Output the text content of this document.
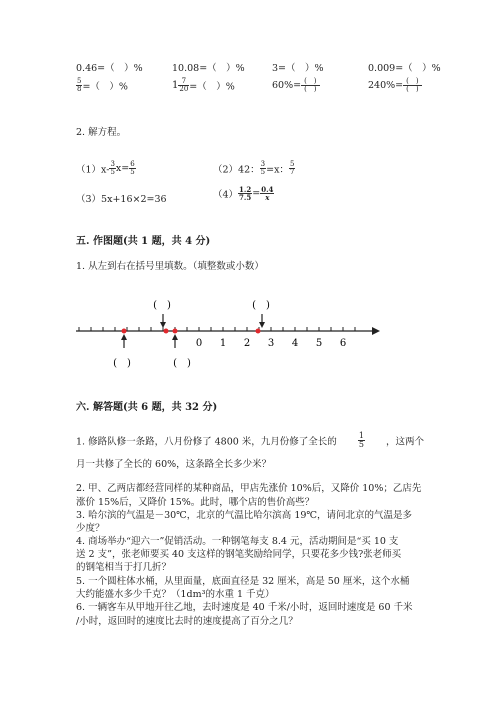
0.46=（　）%	10.08=（　）%	3=（　）%	0.009=（　）%
$\frac{5}{8}$ =（　）%	$1 \frac{7}{20}$ =（　）%	$60\%= \frac{( )}{( )}$	$240\%= \frac{( )}{( )}$
2. 解方程。
$(1)x- \frac{3}{5} x= \frac{6}{5}$	（2）42： $\frac{3}{5} =x$： $\frac{5}{7}$
（3）5x+16×2=36	$(4) \frac{1.2}{7.5} = \frac{0.4}{x}$
五. 作图题(共 1 题，共 4 分)
1. 从左到右在括号里填数。（填整数或小数）
0 1 2 3 4 5 6
(　)	(　)
(　)	(　)
六. 解答题(共 6 题，共 32 分)
1. 修路队修一条路，八月份修了 4800 米，九月份修了全长的	$\frac{1}{5}$ ，这两个
月一共修了全长的 60%，这条路全长多少米？
2. 甲、乙两店都经营同样的某种商品，甲店先涨价 10%后，又降价 10%；乙店先
涨价 15%后，又降价 15%。此时，哪个店的售价高些？
3. 哈尔滨的气温是－30℃，北京的气温比哈尔滨高 19℃，请问北京的气温是多
少度？
4. 商场举办“迎六一”促销活动。一种钢笔每支 8.4 元，活动期间是“买 10 支
送 2 支”，张老师要买 40 支这样的钢笔奖励给同学，只要花多少钱?张老师买
的钢笔相当于打几折？
5. 一个圆柱体水桶，从里面量，底面直径是 32 厘米，高是 50 厘米，这个水桶
大约能盛水多少千克？（1dm³的水重 1 千克）
6. 一辆客车从甲地开往乙地，去时速度是 40 千米/小时，返回时速度是 60 千米
/小时，返回时的速度比去时的速度提高了百分之几？
